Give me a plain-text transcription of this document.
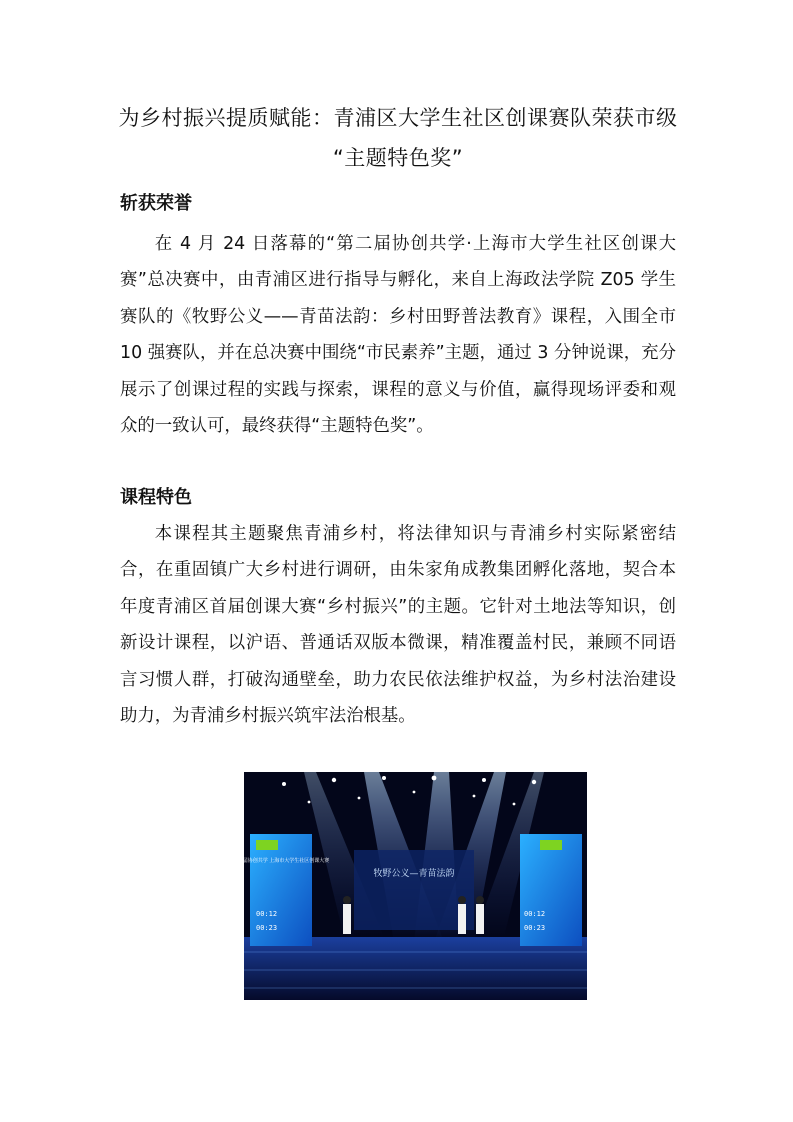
为乡村振兴提质赋能：青浦区大学生社区创课赛队荣获市级
“主题特色奖”
斩获荣誉

在 4 月 24 日落幕的“第二届协创共学·上海市大学生社区创课大赛”总决赛中，由青浦区进行指导与孵化，来自上海政法学院 Z05 学生赛队的《牧野公义——青苗法韵：乡村田野普法教育》课程，入围全市 10 强赛队，并在总决赛中围绕“市民素养”主题，通过 3 分钟说课，充分展示了创课过程的实践与探索，课程的意义与价值，赢得现场评委和观众的一致认可，最终获得“主题特色奖”。

课程特色

本课程其主题聚焦青浦乡村，将法律知识与青浦乡村实际紧密结合，在重固镇广大乡村进行调研，由朱家角成教集团孵化落地，契合本年度青浦区首届创课大赛“乡村振兴”的主题。它针对土地法等知识，创新设计课程，以沪语、普通话双版本微课，精准覆盖村民，兼顾不同语言习惯人群，打破沟通壁垒，助力农民依法维护权益，为乡村法治建设助力，为青浦乡村振兴筑牢法治根基。

第二届协创共学 上海市大学生社区创课大赛
00:12
00:23
牧野公义—青苗法韵
00:12
00:23
